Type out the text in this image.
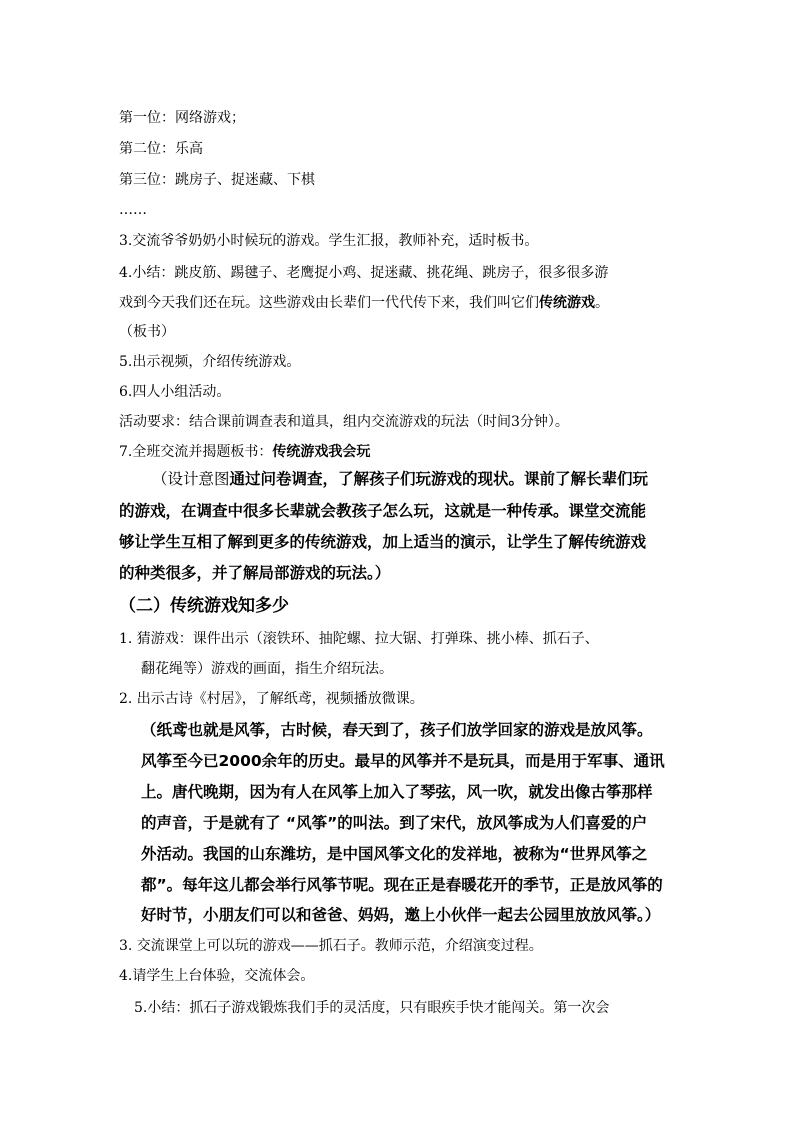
第一位：网络游戏；
第二位：乐高
第三位：跳房子、捉迷藏、下棋
……
3.交流爷爷奶奶小时候玩的游戏。学生汇报，教师补充，适时板书。
4.小结：跳皮筋、踢毽子、老鹰捉小鸡、捉迷藏、挑花绳、跳房子，很多很多游
戏到今天我们还在玩。这些游戏由长辈们一代代传下来，我们叫它们传统游戏。
（板书）
5.出示视频，介绍传统游戏。
6.四人小组活动。
活动要求：结合课前调查表和道具，组内交流游戏的玩法（时间3分钟）。
7.全班交流并揭题板书：传统游戏我会玩
（设计意图通过问卷调查，了解孩子们玩游戏的现状。课前了解长辈们玩
的游戏，在调查中很多长辈就会教孩子怎么玩，这就是一种传承。课堂交流能
够让学生互相了解到更多的传统游戏，加上适当的演示，让学生了解传统游戏
的种类很多，并了解局部游戏的玩法。）
（二）传统游戏知多少
1. 猜游戏：课件出示（滚铁环、抽陀螺、拉大锯、打弹珠、挑小棒、抓石子、
翻花绳等）游戏的画面，指生介绍玩法。
2. 出示古诗《村居》，了解纸鸢，视频播放微课。
（纸鸢也就是风筝，古时候，春天到了，孩子们放学回家的游戏是放风筝。
风筝至今已2000余年的历史。最早的风筝并不是玩具，而是用于军事、通讯
上。唐代晚期，因为有人在风筝上加入了琴弦，风一吹，就发出像古筝那样
的声音，于是就有了 “风筝”的叫法。到了宋代，放风筝成为人们喜爱的户
外活动。我国的山东潍坊，是中国风筝文化的发祥地，被称为“世界风筝之
都”。每年这儿都会举行风筝节呢。现在正是春暖花开的季节，正是放风筝的
好时节，小朋友们可以和爸爸、妈妈，邀上小伙伴一起去公园里放放风筝。）
3. 交流课堂上可以玩的游戏——抓石子。教师示范，介绍演变过程。
4.请学生上台体验，交流体会。
5.小结：抓石子游戏锻炼我们手的灵活度，只有眼疾手快才能闯关。第一次会
